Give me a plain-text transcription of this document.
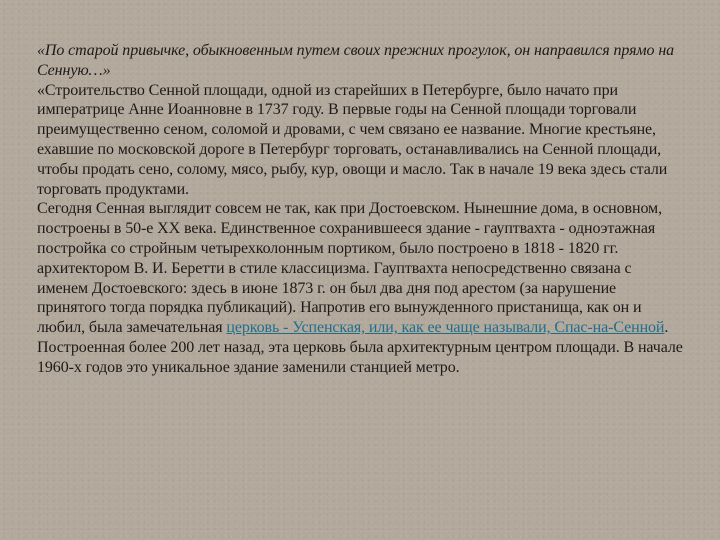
«По старой привычке, обыкновенным путем своих прежних прогулок, он направился прямо на Сенную…»

«Строительство Сенной площади, одной из старейших в Петербурге, было начато при императрице Анне Иоанновне в 1737 году. В первые годы на Сенной площади торговали преимущественно сеном, соломой и дровами, с чем связано ее название. Многие крестьяне, ехавшие по московской дороге в Петербург торговать, останавливались на Сенной площади, чтобы продать сено, солому, мясо, рыбу, кур, овощи и масло. Так в начале 19 века здесь стали торговать продуктами.

Сегодня Сенная выглядит совсем не так, как при Достоевском. Нынешние дома, в основном, построены в 50-е XX века. Единственное сохранившееся здание - гауптвахта - одноэтажная постройка со стройным четырехколонным портиком, было построено в 1818 - 1820 гг. архитектором В. И. Беретти в стиле классицизма. Гауптвахта непосредственно связана с именем Достоевского: здесь в июне 1873 г. он был два дня под арестом (за нарушение принятого тогда порядка публикаций). Напротив его вынужденного пристанища, как он и любил, была замечательная церковь - Успенская, или, как ее чаще называли, Спас-на-Сенной. Построенная более 200 лет назад, эта церковь была архитектурным центром площади. В начале 1960-х годов это уникальное здание заменили станцией метро.
